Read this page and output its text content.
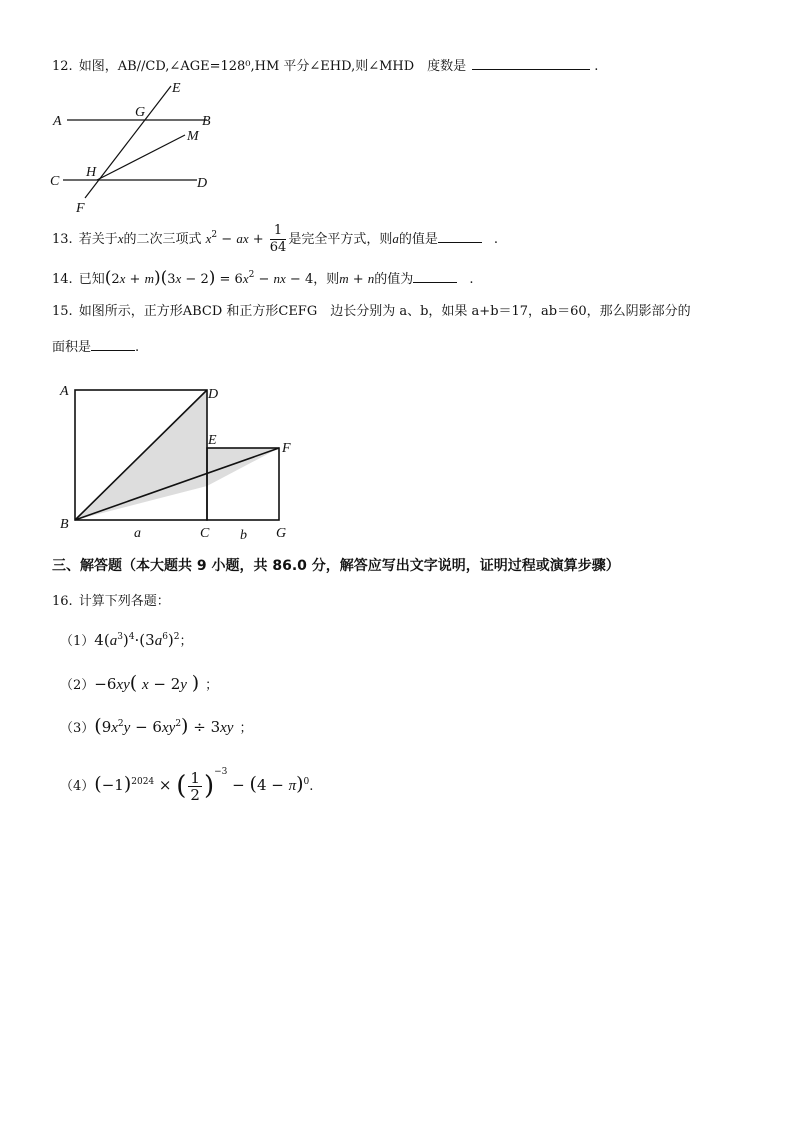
12. 如图，AB//CD,∠AGE=128⁰,HM 平分∠EHD,则∠MHD　度数是	.
A	B
C	D
E
F
G
H
M
13. 若关于x的二次三项式 $x^2$ − ax + $\frac{1}{64}$ 是完全平方式，则a的值是	.
14. 已知$(2x + m)(3x - 2) = 6x^2$ − nx − 4，则m + n的值为	.
15. 如图所示，正方形ABCD 和正方形CEFG　边长分别为 a、b，如果 a+b＝17，ab＝60，那么阴影部分的
面积是	.
A	D
E
F
B
C	G
a	b
三、解答题（本大题共 9 小题，共 86.0 分，解答应写出文字说明，证明过程或演算步骤）
16. 计算下列各题：
$(1)4(a^3)^4\cdot(3a^6)^2$；
（2）−6xy( x − 2y ) ；
$(3)(9x^2y - 6xy^2) \div 3xy$ ；
$(4)(-1)^{2024}$ × ( $\frac{1}{2} )^{-3} - (4 - \pi)^0$.
